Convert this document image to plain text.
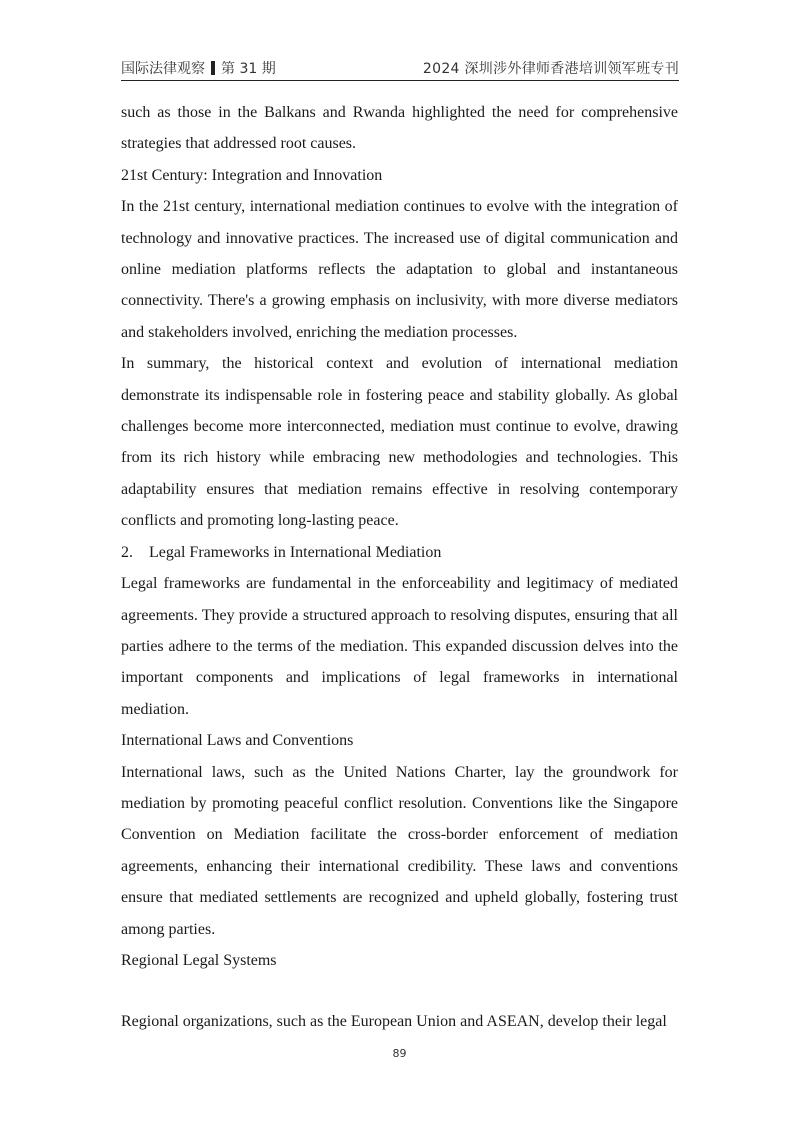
国际法律观察 第 31 期	2024 深圳涉外律师香港培训领军班专刊

such as those in the Balkans and Rwanda highlighted the need for comprehensive strategies that addressed root causes.

21st Century: Integration and Innovation

In the 21st century, international mediation continues to evolve with the integration of technology and innovative practices. The increased use of digital communication and online mediation platforms reflects the adaptation to global and instantaneous connectivity. There's a growing emphasis on inclusivity, with more diverse mediators and stakeholders involved, enriching the mediation processes.

In summary, the historical context and evolution of international mediation demonstrate its indispensable role in fostering peace and stability globally. As global challenges become more interconnected, mediation must continue to evolve, drawing from its rich history while embracing new methodologies and technologies. This adaptability ensures that mediation remains effective in resolving contemporary conflicts and promoting long-lasting peace.

2. Legal Frameworks in International Mediation

Legal frameworks are fundamental in the enforceability and legitimacy of mediated agreements. They provide a structured approach to resolving disputes, ensuring that all parties adhere to the terms of the mediation. This expanded discussion delves into the important components and implications of legal frameworks in international mediation.

International Laws and Conventions

International laws, such as the United Nations Charter, lay the groundwork for mediation by promoting peaceful conflict resolution. Conventions like the Singapore Convention on Mediation facilitate the cross-border enforcement of mediation agreements, enhancing their international credibility. These laws and conventions ensure that mediated settlements are recognized and upheld globally, fostering trust among parties.

Regional Legal Systems

Regional organizations, such as the European Union and ASEAN, develop their legal

89
